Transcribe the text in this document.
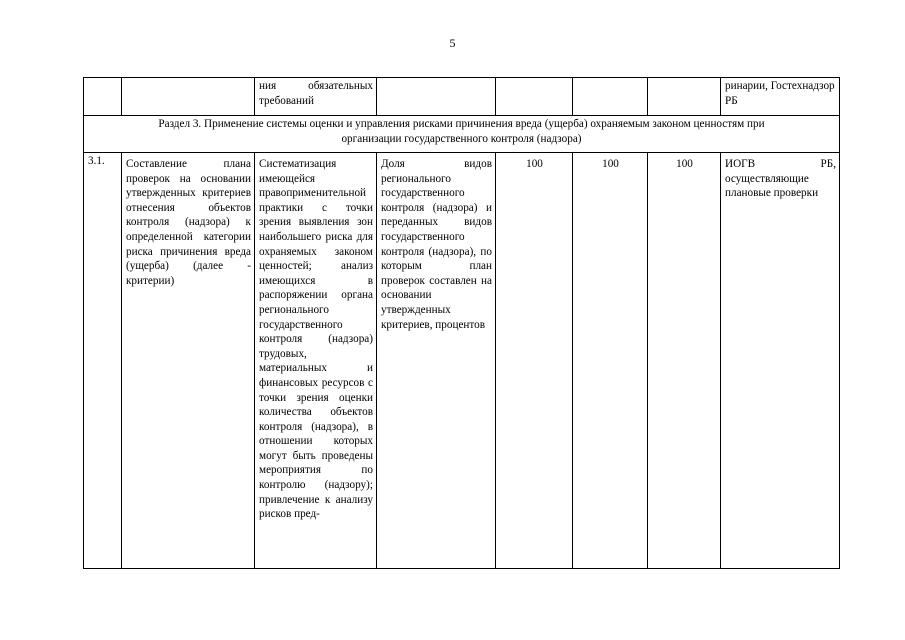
5
		ния обязательных требований					ринарии, Гостехнадзор РБ
Раздел 3. Применение системы оценки и управления рисками причинения вреда (ущерба) охраняемым законом ценностям при организации государственного контроля (надзора)							
3.1.	Составление плана проверок на основании утвержденных критериев отнесения объектов контроля (надзора) к определенной категории риска причинения вреда (ущерба) (далее - критерии)	Систематизация имеющейся правоприменительной практики с точки зрения выявления зон наибольшего риска для охраняемых законом ценностей; анализ имеющихся в распоряжении органа регионального государственного контроля (надзора) трудовых, материальных и финансовых ресурсов с точки зрения оценки количества объектов контроля (надзора), в отношении которых могут быть проведены мероприятия по контролю (надзору); привлечение к анализу рисков пред-	Доля видов регионального государственного контроля (надзора) и переданных видов государственного контроля (надзора), по которым план проверок составлен на основании утвержденных критериев, процентов	100	100	100	ИОГВ РБ, осуществляющие плановые проверки
